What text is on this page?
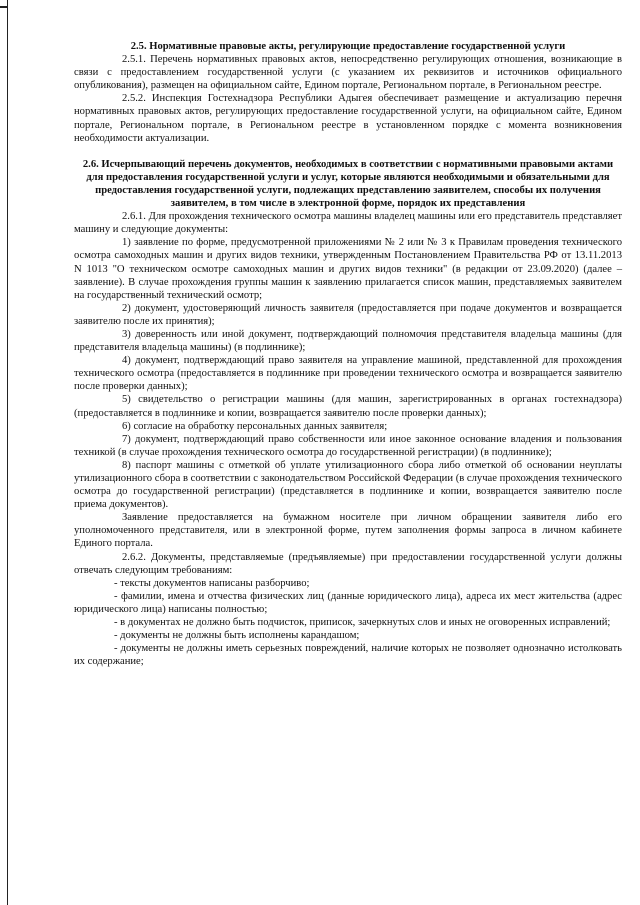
2.5. Нормативные правовые акты, регулирующие предоставление государственной услуги

2.5.1. Перечень нормативных правовых актов, непосредственно регулирующих отношения, возникающие в связи с предоставлением государственной услуги (с указанием их реквизитов и источников официального опубликования), размещен на официальном сайте, Едином портале, Региональном портале, в Региональном реестре.

2.5.2. Инспекция Гостехнадзора Республики Адыгея обеспечивает размещение и актуализацию перечня нормативных правовых актов, регулирующих предоставление государственной услуги, на официальном сайте, Едином портале, Региональном портале, в Региональном реестре в установленном порядке с момента возникновения необходимости актуализации.

2.6. Исчерпывающий перечень документов, необходимых в соответствии с нормативными правовыми актами для предоставления государственной услуги и услуг, которые являются необходимыми и обязательными для предоставления государственной услуги, подлежащих представлению заявителем, способы их получения заявителем, в том числе в электронной форме, порядок их представления

2.6.1. Для прохождения технического осмотра машины владелец машины или его представитель представляет машину и следующие документы:

1) заявление по форме, предусмотренной приложениями № 2 или № 3 к Правилам проведения технического осмотра самоходных машин и других видов техники, утвержденным Постановлением Правительства РФ от 13.11.2013 N 1013 "О техническом осмотре самоходных машин и других видов техники" (в редакции от 23.09.2020) (далее – заявление). В случае прохождения группы машин к заявлению прилагается список машин, представляемых заявителем на государственный технический осмотр;

2) документ, удостоверяющий личность заявителя (предоставляется при подаче документов и возвращается заявителю после их принятия);

3) доверенность или иной документ, подтверждающий полномочия представителя владельца машины (для представителя владельца машины) (в подлиннике);

4) документ, подтверждающий право заявителя на управление машиной, представленной для прохождения технического осмотра (предоставляется в подлиннике при проведении технического осмотра и возвращается заявителю после проверки данных);

5) свидетельство о регистрации машины (для машин, зарегистрированных в органах гостехнадзора) (предоставляется в подлиннике и копии, возвращается заявителю после проверки данных);

6) согласие на обработку персональных данных заявителя;

7) документ, подтверждающий право собственности или иное законное основание владения и пользования техникой (в случае прохождения технического осмотра до государственной регистрации) (в подлиннике);

8) паспорт машины с отметкой об уплате утилизационного сбора либо отметкой об основании неуплаты утилизационного сбора в соответствии с законодательством Российской Федерации (в случае прохождения технического осмотра до государственной регистрации) (представляется в подлиннике и копии, возвращается заявителю после приема документов).

Заявление предоставляется на бумажном носителе при личном обращении заявителя либо его уполномоченного представителя, или в электронной форме, путем заполнения формы запроса в личном кабинете Единого портала.

2.6.2. Документы, представляемые (предъявляемые) при предоставлении государственной услуги должны отвечать следующим требованиям:

- тексты документов написаны разборчиво;

- фамилии, имена и отчества физических лиц (данные юридического лица), адреса их мест жительства (адрес юридического лица) написаны полностью;

- в документах не должно быть подчисток, приписок, зачеркнутых слов и иных не оговоренных исправлений;

- документы не должны быть исполнены карандашом;

- документы не должны иметь серьезных повреждений, наличие которых не позволяет однозначно истолковать их содержание;
